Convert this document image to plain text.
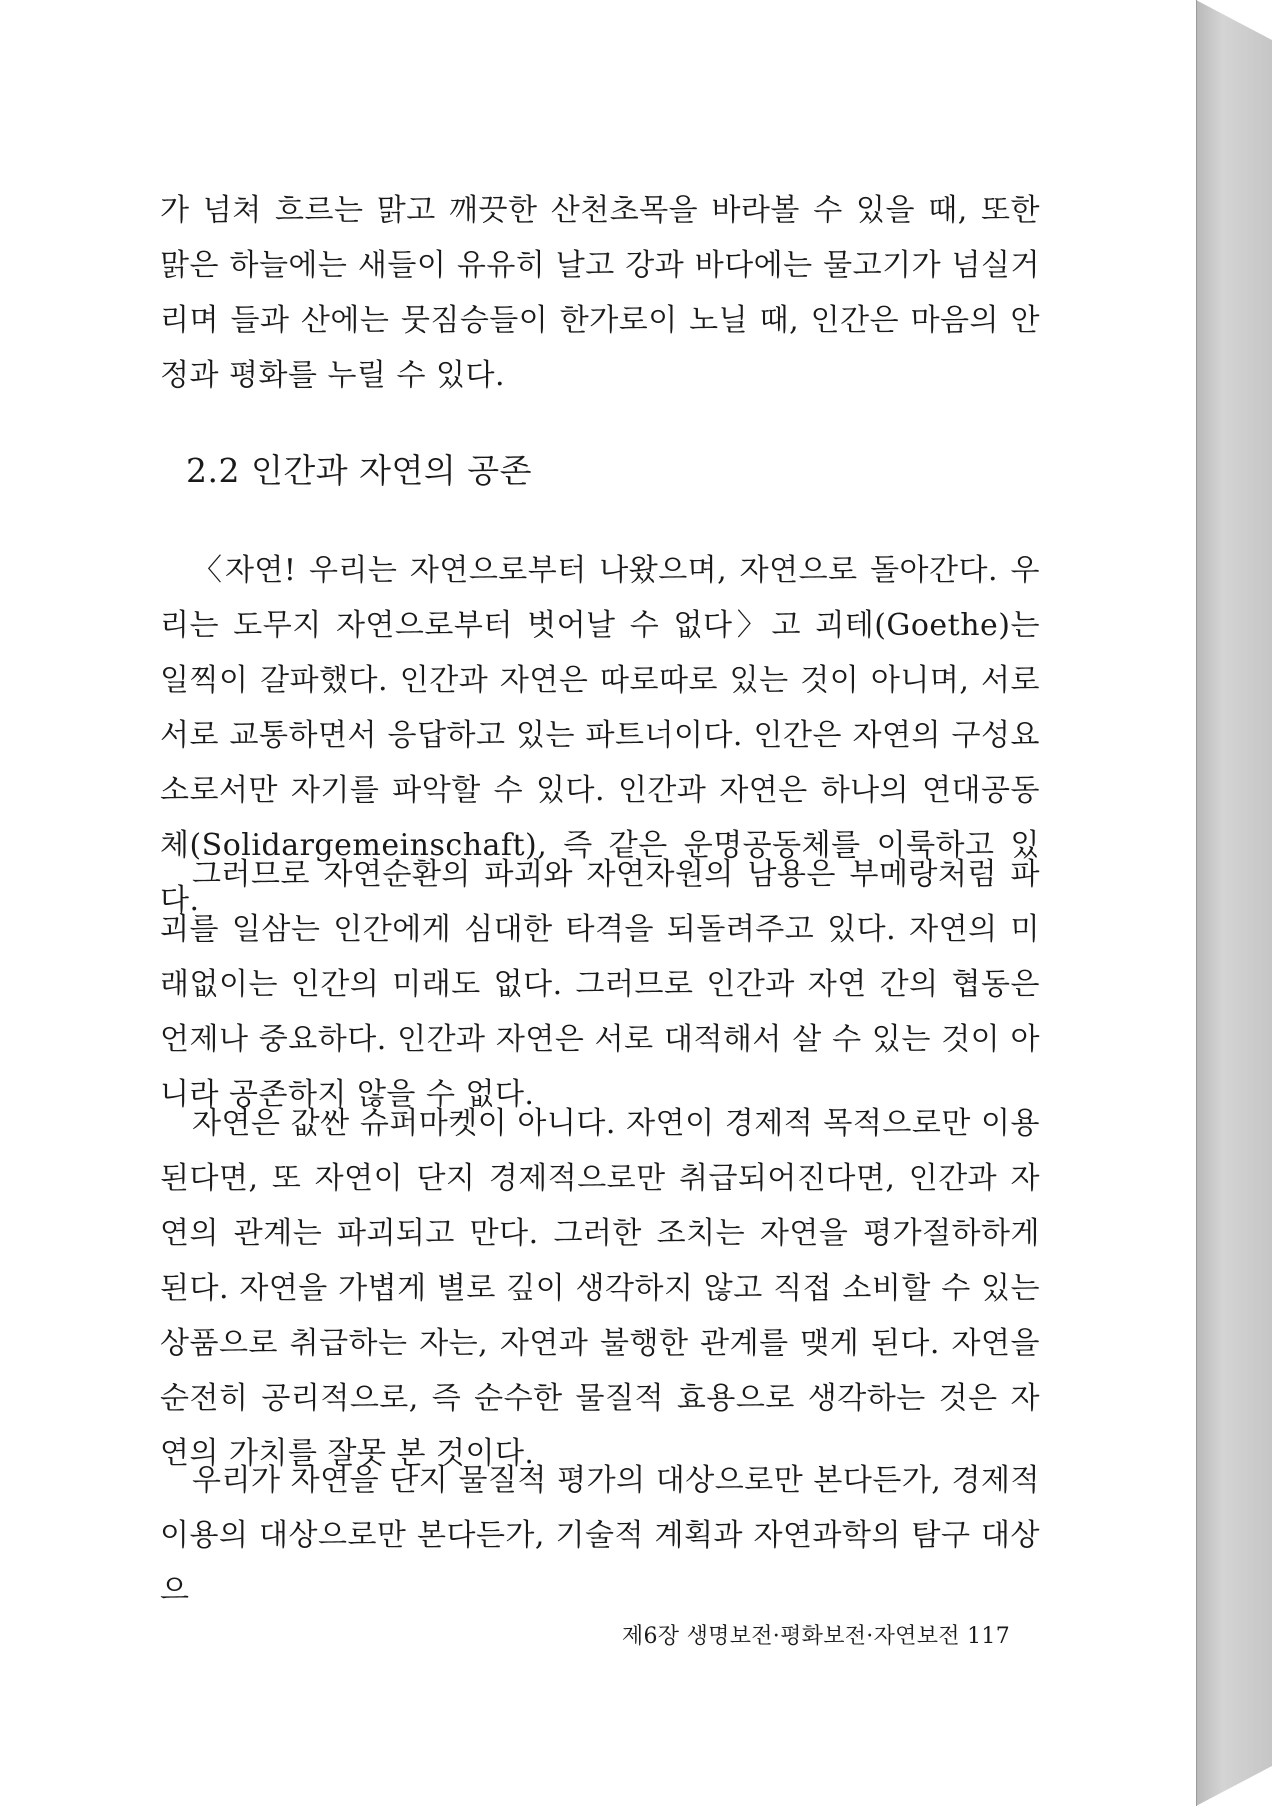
가 넘쳐 흐르는 맑고 깨끗한 산천초목을 바라볼 수 있을 때, 또한 맑은 하늘에는 새들이 유유히 날고 강과 바다에는 물고기가 넘실거리며 들과 산에는 뭇짐승들이 한가로이 노닐 때, 인간은 마음의 안정과 평화를 누릴 수 있다.

2.2 인간과 자연의 공존

〈자연! 우리는 자연으로부터 나왔으며, 자연으로 돌아간다. 우리는 도무지 자연으로부터 벗어날 수 없다〉고 괴테(Goethe)는 일찍이 갈파했다. 인간과 자연은 따로따로 있는 것이 아니며, 서로서로 교통하면서 응답하고 있는 파트너이다. 인간은 자연의 구성요소로서만 자기를 파악할 수 있다. 인간과 자연은 하나의 연대공동체(Solidargemeinschaft), 즉 같은 운명공동체를 이룩하고 있다.

그러므로 자연순환의 파괴와 자연자원의 남용은 부메랑처럼 파괴를 일삼는 인간에게 심대한 타격을 되돌려주고 있다. 자연의 미래없이는 인간의 미래도 없다. 그러므로 인간과 자연 간의 협동은 언제나 중요하다. 인간과 자연은 서로 대적해서 살 수 있는 것이 아니라 공존하지 않을 수 없다.

자연은 값싼 슈퍼마켓이 아니다. 자연이 경제적 목적으로만 이용된다면, 또 자연이 단지 경제적으로만 취급되어진다면, 인간과 자연의 관계는 파괴되고 만다. 그러한 조치는 자연을 평가절하하게 된다. 자연을 가볍게 별로 깊이 생각하지 않고 직접 소비할 수 있는 상품으로 취급하는 자는, 자연과 불행한 관계를 맺게 된다. 자연을 순전히 공리적으로, 즉 순수한 물질적 효용으로 생각하는 것은 자연의 가치를 잘못 본 것이다.

우리가 자연을 단지 물질적 평가의 대상으로만 본다든가, 경제적 이용의 대상으로만 본다든가, 기술적 계획과 자연과학의 탐구 대상으

제6장 생명보전·평화보전·자연보전 117
